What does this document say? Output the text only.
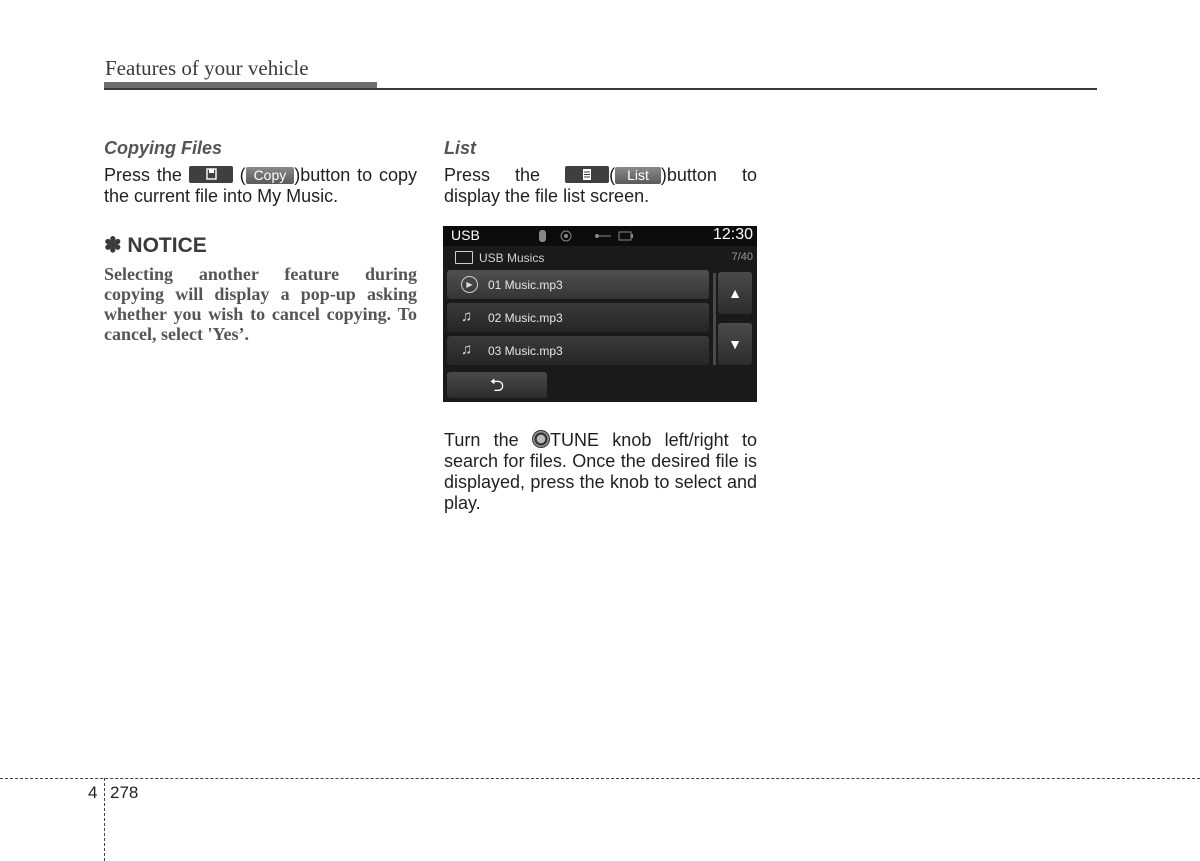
Features of your vehicle

Copying Files

Press the	( Copy )button to copy the current file into My Music.

✽ NOTICE

Selecting another feature during copying will display a pop-up asking whether you wish to cancel copying. To cancel, select 'Yes’.

List

Press the	( List )button to display the file list screen.

USB	12:30
USB Musics	7/40
▶	01 Music.mp3
♫	02 Music.mp3
♫	03 Music.mp3
▲
▼
⮌

Turn the TUNE knob left/right to search for files. Once the desired file is displayed, press the knob to select and play.

4 278
